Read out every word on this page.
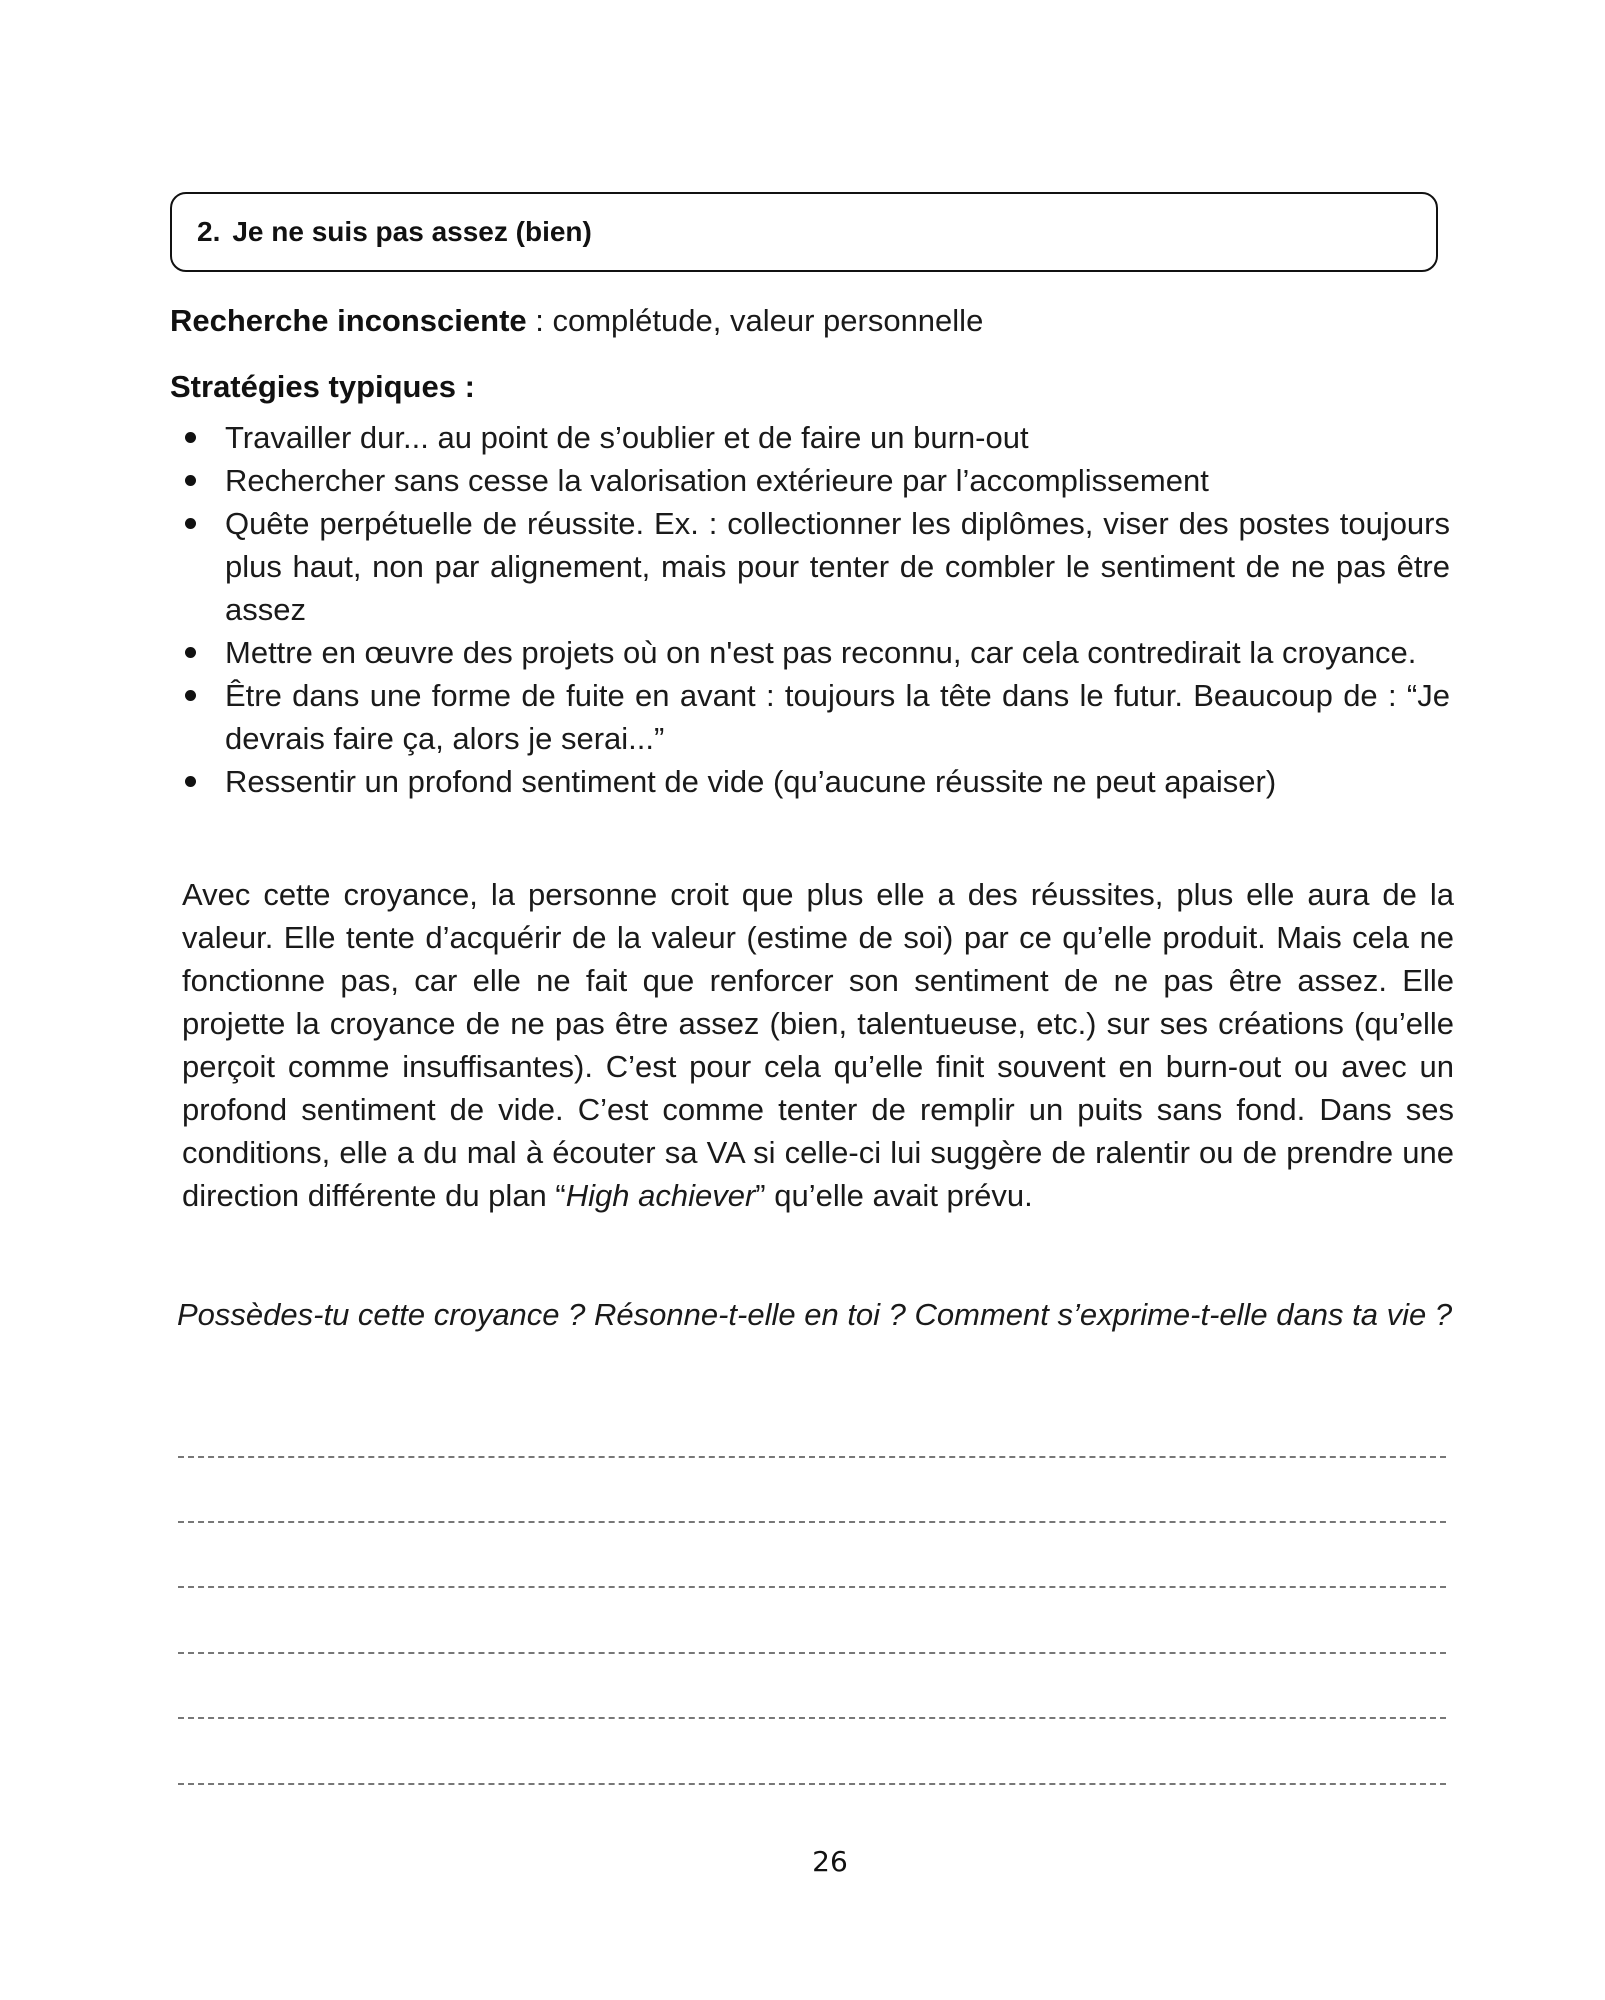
2. Je ne suis pas assez (bien)
Recherche inconsciente : complétude, valeur personnelle
Stratégies typiques :
Travailler dur... au point de s’oublier et de faire un burn-out
Rechercher sans cesse la valorisation extérieure par l’accomplissement
Quête perpétuelle de réussite. Ex. : collectionner les diplômes, viser des postes toujours plus haut, non par alignement, mais pour tenter de combler le sentiment de ne pas être assez
Mettre en œuvre des projets où on n'est pas reconnu, car cela contredirait la croyance.
Être dans une forme de fuite en avant : toujours la tête dans le futur. Beaucoup de : “Je devrais faire ça, alors je serai...”
Ressentir un profond sentiment de vide (qu’aucune réussite ne peut apaiser)

Avec cette croyance, la personne croit que plus elle a des réussites, plus elle aura de la valeur. Elle tente d’acquérir de la valeur (estime de soi) par ce qu’elle produit. Mais cela ne fonctionne pas, car elle ne fait que renforcer son sentiment de ne pas être assez. Elle projette la croyance de ne pas être assez (bien, talentueuse, etc.) sur ses créations (qu’elle perçoit comme insuffisantes). C’est pour cela qu’elle finit souvent en burn-out ou avec un profond sentiment de vide. C’est comme tenter de remplir un puits sans fond. Dans ses conditions, elle a du mal à écouter sa VA si celle-ci lui suggère de ralentir ou de prendre une direction différente du plan “High achiever” qu’elle avait prévu.

Possèdes-tu cette croyance ? Résonne-t-elle en toi ? Comment s’exprime-t-elle dans ta vie ?

26
